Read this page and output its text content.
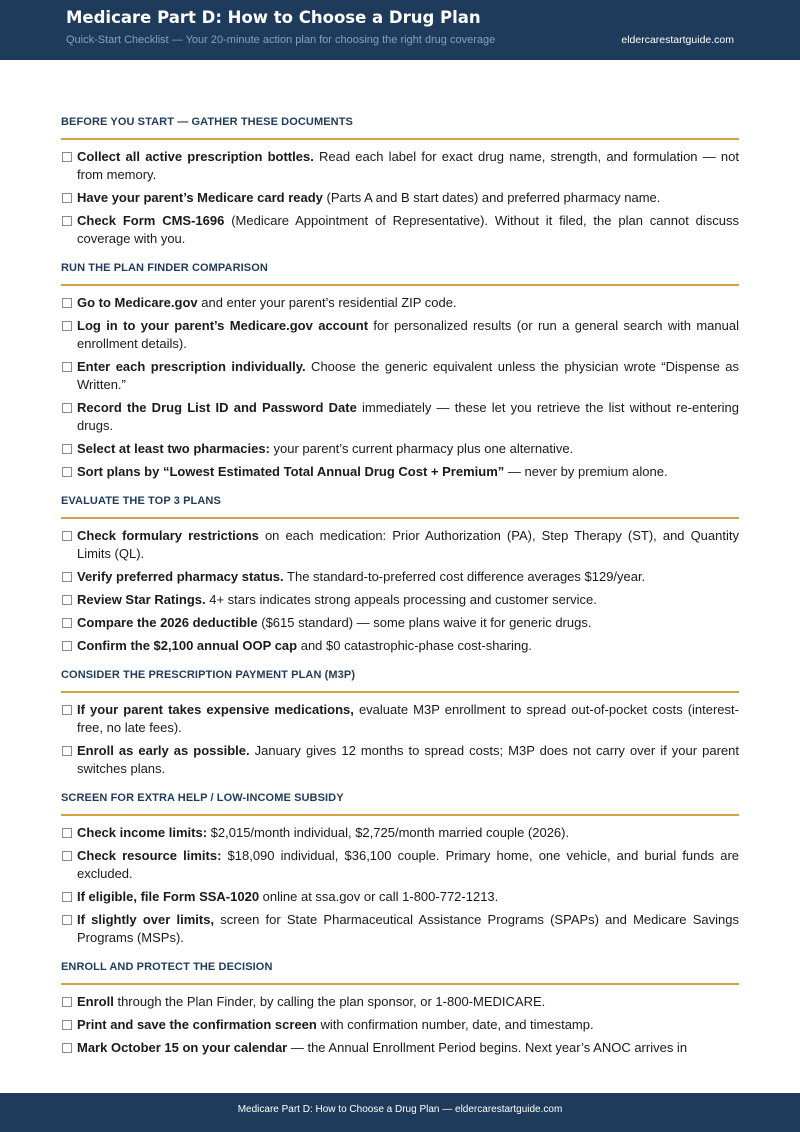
Medicare Part D: How to Choose a Drug Plan
Quick-Start Checklist — Your 20-minute action plan for choosing the right drug coverage	eldercarestartguide.com
BEFORE YOU START — GATHER THESE DOCUMENTS
Collect all active prescription bottles. Read each label for exact drug name, strength, and formulation — not from memory.
Have your parent’s Medicare card ready (Parts A and B start dates) and preferred pharmacy name.
Check Form CMS-1696 (Medicare Appointment of Representative). Without it filed, the plan cannot discuss coverage with you.
RUN THE PLAN FINDER COMPARISON
Go to Medicare.gov and enter your parent’s residential ZIP code.
Log in to your parent’s Medicare.gov account for personalized results (or run a general search with manual enrollment details).
Enter each prescription individually. Choose the generic equivalent unless the physician wrote “Dispense as Written.”
Record the Drug List ID and Password Date immediately — these let you retrieve the list without re-entering drugs.
Select at least two pharmacies: your parent’s current pharmacy plus one alternative.
Sort plans by “Lowest Estimated Total Annual Drug Cost + Premium” — never by premium alone.
EVALUATE THE TOP 3 PLANS
Check formulary restrictions on each medication: Prior Authorization (PA), Step Therapy (ST), and Quantity Limits (QL).
Verify preferred pharmacy status. The standard-to-preferred cost difference averages $129/year.
Review Star Ratings. 4+ stars indicates strong appeals processing and customer service.
Compare the 2026 deductible ($615 standard) — some plans waive it for generic drugs.
Confirm the $2,100 annual OOP cap and $0 catastrophic-phase cost-sharing.
CONSIDER THE PRESCRIPTION PAYMENT PLAN (M3P)
If your parent takes expensive medications, evaluate M3P enrollment to spread out-of-pocket costs (interest-free, no late fees).
Enroll as early as possible. January gives 12 months to spread costs; M3P does not carry over if your parent switches plans.
SCREEN FOR EXTRA HELP / LOW-INCOME SUBSIDY
Check income limits: $2,015/month individual, $2,725/month married couple (2026).
Check resource limits: $18,090 individual, $36,100 couple. Primary home, one vehicle, and burial funds are excluded.
If eligible, file Form SSA-1020 online at ssa.gov or call 1-800-772-1213.
If slightly over limits, screen for State Pharmaceutical Assistance Programs (SPAPs) and Medicare Savings Programs (MSPs).
ENROLL AND PROTECT THE DECISION
Enroll through the Plan Finder, by calling the plan sponsor, or 1-800-MEDICARE.
Print and save the confirmation screen with confirmation number, date, and timestamp.
Mark October 15 on your calendar — the Annual Enrollment Period begins. Next year’s ANOC arrives in
Medicare Part D: How to Choose a Drug Plan — eldercarestartguide.com
